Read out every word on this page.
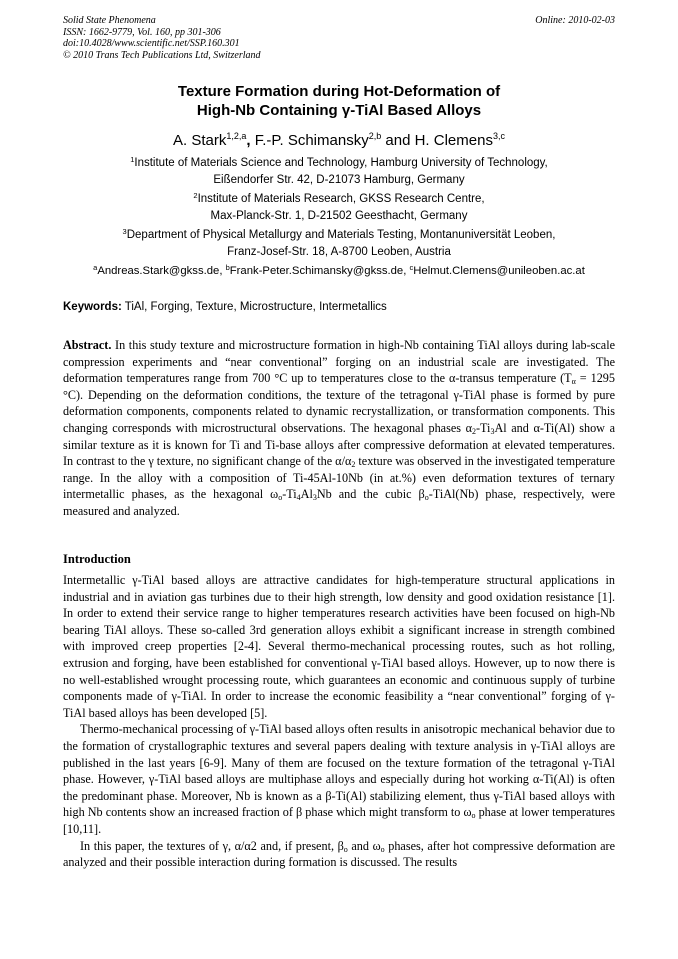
Solid State Phenomena
ISSN: 1662-9779, Vol. 160, pp 301-306
doi:10.4028/www.scientific.net/SSP.160.301
© 2010 Trans Tech Publications Ltd, Switzerland
Online: 2010-02-03
Texture Formation during Hot-Deformation of
High-Nb Containing γ-TiAl Based Alloys
A. Stark$^{1,2,a}$, F.-P. Schimansky$^{2,b}$ and H. Clemens$^{3,c}$
$^1$Institute of Materials Science and Technology, Hamburg University of Technology,
Eißendorfer Str. 42, D-21073 Hamburg, Germany
$^2$Institute of Materials Research, GKSS Research Centre,
Max-Planck-Str. 1, D-21502 Geesthacht, Germany
$^3$Department of Physical Metallurgy and Materials Testing, Montanuniversität Leoben,
Franz-Josef-Str. 18, A-8700 Leoben, Austria
$^a$Andreas.Stark@gkss.de, $^b$Frank-Peter.Schimansky@gkss.de, $^c$Helmut.Clemens@unileoben.ac.at
Keywords: TiAl, Forging, Texture, Microstructure, Intermetallics
Abstract. In this study texture and microstructure formation in high-Nb containing TiAl alloys during lab-scale compression experiments and “near conventional” forging on an industrial scale are investigated. The deformation temperatures range from 700 °C up to temperatures close to the α-transus temperature ($T_\alpha = 1295$ °C). Depending on the deformation conditions, the texture of the tetragonal γ-TiAl phase is formed by pure deformation components, components related to dynamic recrystallization, or transformation components. This changing corresponds with microstructural observations. The hexagonal phases $\alpha_2-Ti_3Al$ and α-Ti(Al) show a similar texture as it is known for Ti and Ti-base alloys after compressive deformation at elevated temperatures. In contrast to the γ texture, no significant change of the $\alpha/\alpha_2$ texture was observed in the investigated temperature range. In the alloy with a composition of Ti-45Al-10Nb (in at.%) even deformation textures of ternary intermetallic phases, as the hexagonal $\omega_o-Ti_4Al_3Nb$ and the cubic $\beta_o-TiAl(Nb)$ phase, respectively, were measured and analyzed.
Introduction

Intermetallic γ-TiAl based alloys are attractive candidates for high-temperature structural applications in industrial and in aviation gas turbines due to their high strength, low density and good oxidation resistance [1]. In order to extend their service range to higher temperatures research activities have been focused on high-Nb bearing TiAl alloys. These so-called 3rd generation alloys exhibit a significant increase in strength combined with improved creep properties [2-4]. Several thermo-mechanical processing routes, such as hot rolling, extrusion and forging, have been established for conventional γ-TiAl based alloys. However, up to now there is no well-established wrought processing route, which guarantees an economic and continuous supply of turbine components made of γ-TiAl. In order to increase the economic feasibility a “near conventional” forging of γ-TiAl based alloys has been developed [5].

Thermo-mechanical processing of γ-TiAl based alloys often results in anisotropic mechanical behavior due to the formation of crystallographic textures and several papers dealing with texture analysis in γ-TiAl alloys are published in the last years [6-9]. Many of them are focused on the texture formation of the tetragonal γ-TiAl phase. However, γ-TiAl based alloys are multiphase alloys and especially during hot working α-Ti(Al) is often the predominant phase. Moreover, Nb is known as a β-Ti(Al) stabilizing element, thus γ-TiAl based alloys with high Nb contents show an increased fraction of β phase which might transform to $\omega_o$ phase at lower temperatures [10,11].

In this paper, the textures of γ, α/α2 and, if present, $\beta_o$ and $\omega_o$ phases, after hot compressive deformation are analyzed and their possible interaction during formation is discussed. The results
